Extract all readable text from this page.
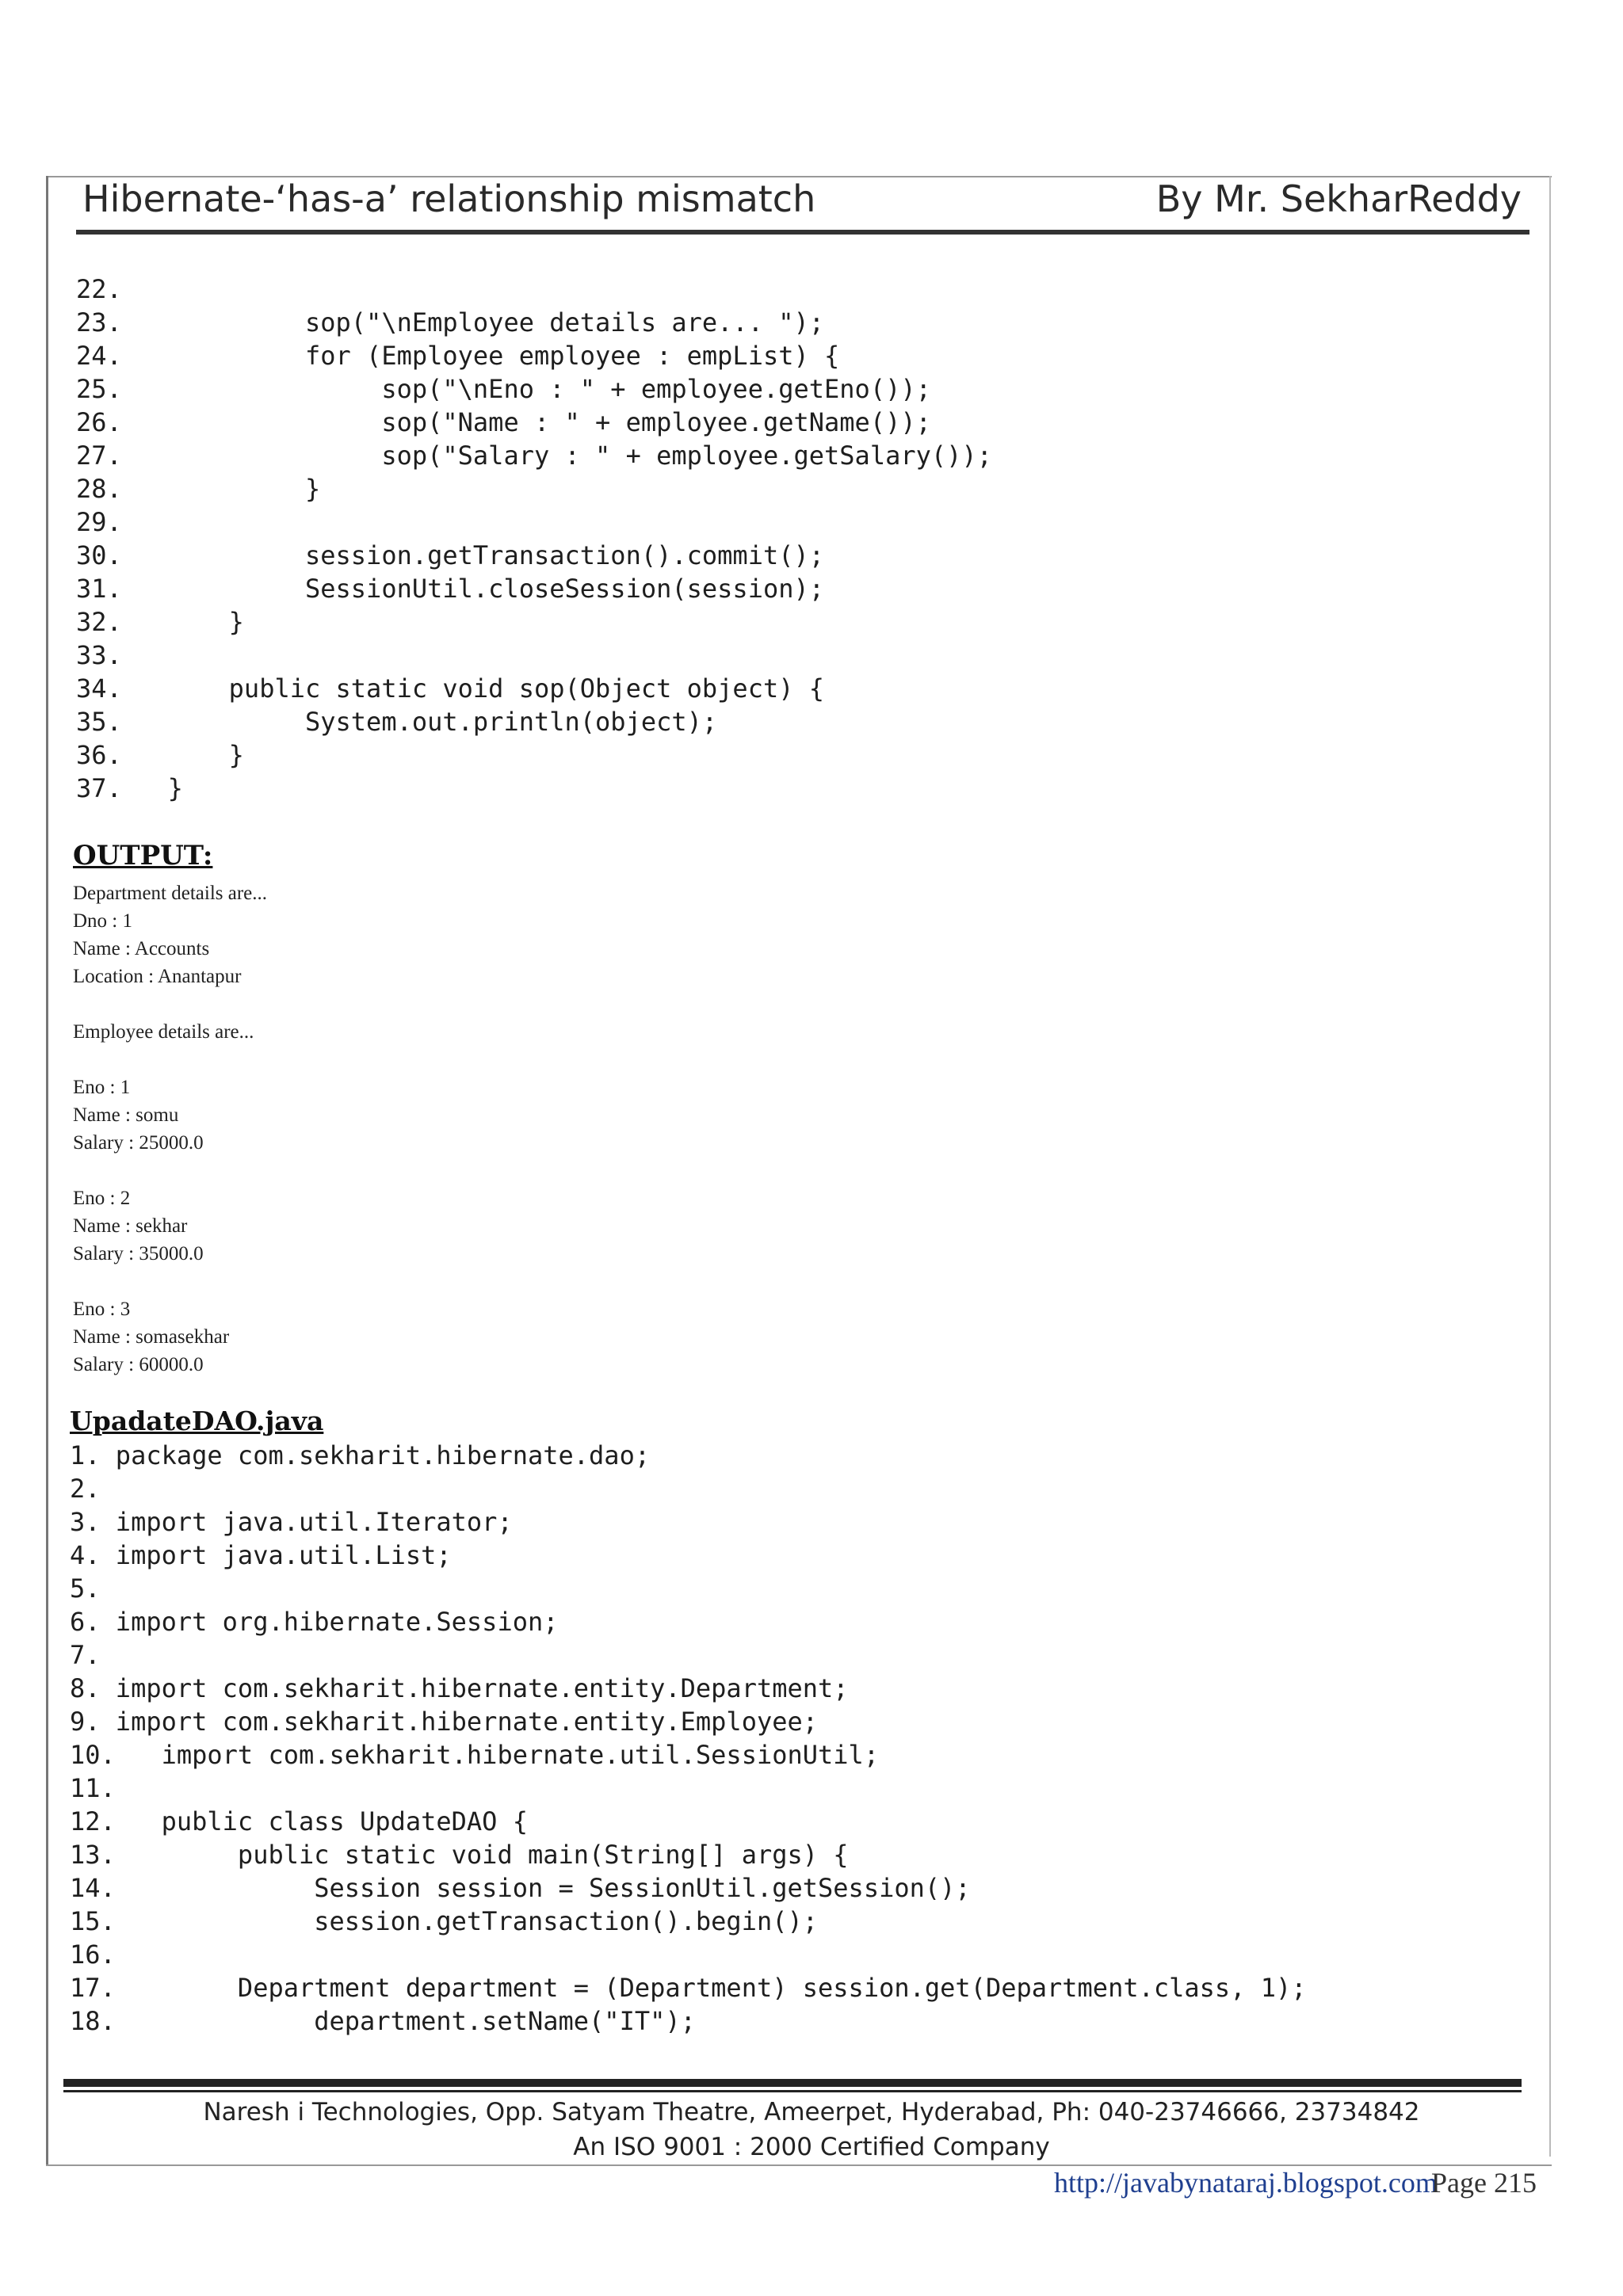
Hibernate-‘has-a’ relationship mismatch	By Mr. SekharReddy
22.
23.            sop("\nEmployee details are... ");
24.            for (Employee employee : empList) {
25.                 sop("\nEno : " + employee.getEno());
26.                 sop("Name : " + employee.getName());
27.                 sop("Salary : " + employee.getSalary());
28.            }
29.
30.            session.getTransaction().commit();
31.            SessionUtil.closeSession(session);
32.       }
33.
34.       public static void sop(Object object) {
35.            System.out.println(object);
36.       }
37.   }
OUTPUT:
Department details are...
Dno : 1
Name : Accounts
Location : Anantapur
Employee details are...
Eno : 1
Name : somu
Salary : 25000.0
Eno : 2
Name : sekhar
Salary : 35000.0
Eno : 3
Name : somasekhar
Salary : 60000.0
UpadateDAO.java
1. package com.sekharit.hibernate.dao;
2.
3. import java.util.Iterator;
4. import java.util.List;
5.
6. import org.hibernate.Session;
7.
8. import com.sekharit.hibernate.entity.Department;
9. import com.sekharit.hibernate.entity.Employee;
10.   import com.sekharit.hibernate.util.SessionUtil;
11.
12.   public class UpdateDAO {
13.        public static void main(String[] args) {
14.             Session session = SessionUtil.getSession();
15.             session.getTransaction().begin();
16.
17.        Department department = (Department) session.get(Department.class, 1);
18.             department.setName("IT");
Naresh i Technologies, Opp. Satyam Theatre, Ameerpet, Hyderabad, Ph: 040-23746666, 23734842
An ISO 9001 : 2000 Certified Company
http://javabynataraj.blogspot.com
Page 215
